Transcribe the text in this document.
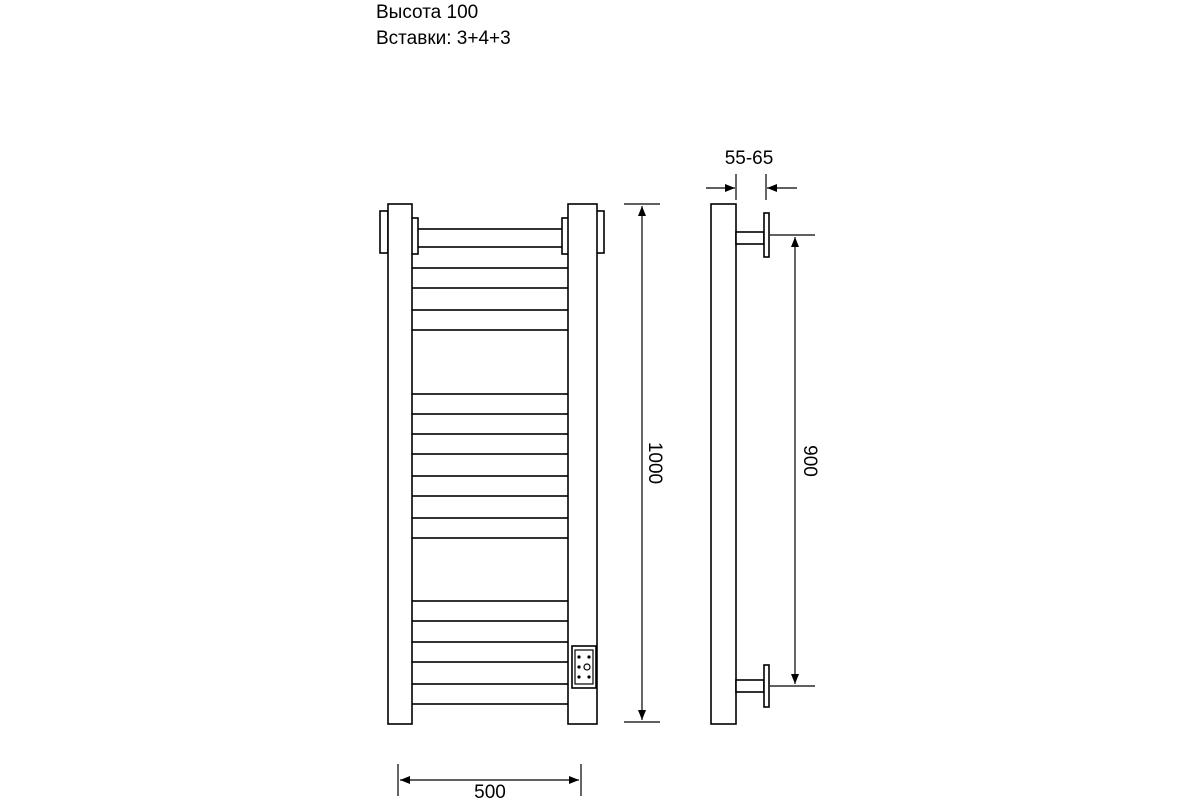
Высота 100
Вставки: 3+4+3
1000
500
55-65
900
